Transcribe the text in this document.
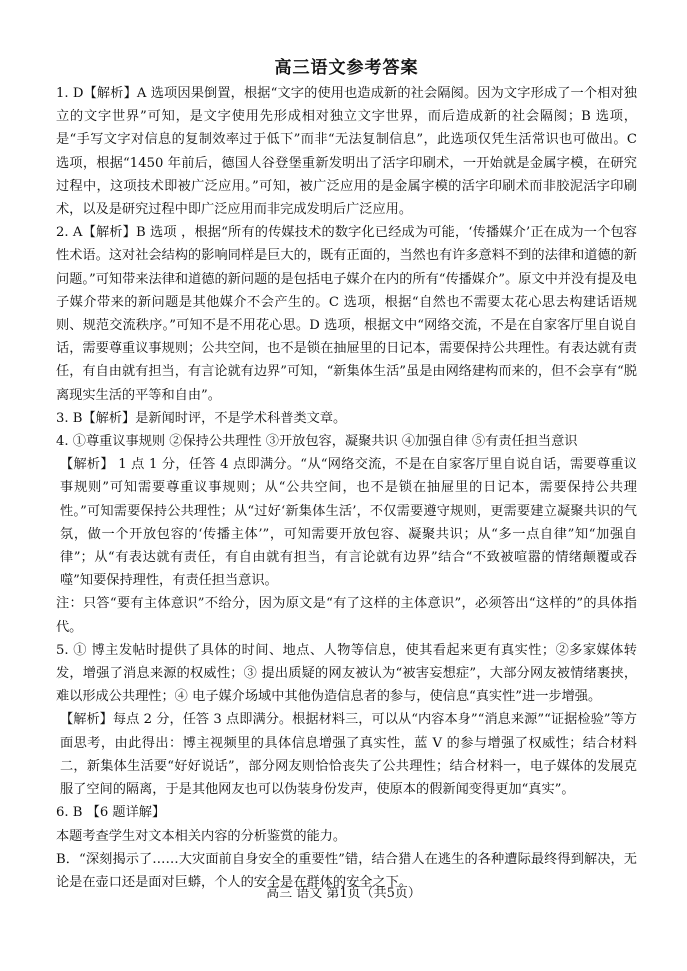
高三语文参考答案

1. D【解析】A 选项因果倒置，根据“文字的使用也造成新的社会隔阂。因为文字形成了一个相对独立的文字世界”可知，是文字使用先形成相对独立文字世界，而后造成新的社会隔阂；B 选项，是“手写文字对信息的复制效率过于低下”而非“无法复制信息”，此选项仅凭生活常识也可做出。C 选项，根据“1450 年前后，德国人谷登堡重新发明出了活字印刷术，一开始就是金属字模，在研究过程中，这项技术即被广泛应用。”可知，被广泛应用的是金属字模的活字印刷术而非胶泥活字印刷术，以及是研究过程中即广泛应用而非完成发明后广泛应用。

2. A【解析】B 选项 ，根据“所有的传媒技术的数字化已经成为可能，‘传播媒介’正在成为一个包容性术语。这对社会结构的影响同样是巨大的，既有正面的，当然也有许多意料不到的法律和道德的新问题。”可知带来法律和道德的新问题的是包括电子媒介在内的所有“传播媒介”。原文中并没有提及电子媒介带来的新问题是其他媒介不会产生的。C 选项，根据“自然也不需要太花心思去构建话语规则、规范交流秩序。”可知不是不用花心思。D 选项，根据文中“网络交流，不是在自家客厅里自说自话，需要尊重议事规则；公共空间，也不是锁在抽屉里的日记本，需要保持公共理性。有表达就有责任，有自由就有担当，有言论就有边界”可知，“新集体生活”虽是由网络建构而来的，但不会享有“脱离现实生活的平等和自由”。

3. B【解析】是新闻时评，不是学术科普类文章。

4. ①尊重议事规则 ②保持公共理性 ③开放包容，凝聚共识 ④加强自律 ⑤有责任担当意识

【解析】 1 点 1 分，任答 4 点即满分。“从“网络交流，不是在自家客厅里自说自话，需要尊重议事规则”可知需要尊重议事规则；从“公共空间，也不是锁在抽屉里的日记本，需要保持公共理性。”可知需要保持公共理性；从“过好‘新集体生活’，不仅需要遵守规则，更需要建立凝聚共识的气氛，做一个开放包容的‘传播主体’”，可知需要开放包容、凝聚共识；从“多一点自律”知“加强自律”；从“有表达就有责任，有自由就有担当，有言论就有边界”结合“不致被喧嚣的情绪颠覆或吞噬”知要保持理性，有责任担当意识。

注：只答“要有主体意识”不给分，因为原文是“有了这样的主体意识”，必须答出“这样的”的具体指代。

5. ① 博主发帖时提供了具体的时间、地点、人物等信息，使其看起来更有真实性；②多家媒体转发，增强了消息来源的权威性；③ 提出质疑的网友被认为“被害妄想症”，大部分网友被情绪裹挟，难以形成公共理性；④ 电子媒介场域中其他伪造信息者的参与，使信息“真实性”进一步增强。

【解析】每点 2 分，任答 3 点即满分。根据材料三，可以从“内容本身”“消息来源”“证据检验”等方面思考，由此得出：博主视频里的具体信息增强了真实性，蓝 V 的参与增强了权威性；结合材料二，新集体生活要“好好说话”，部分网友则恰恰丧失了公共理性；结合材料一，电子媒体的发展克服了空间的隔离，于是其他网友也可以伪装身份发声，使原本的假新闻变得更加“真实”。

6. B 【6 题详解】

本题考查学生对文本相关内容的分析鉴赏的能力。

B．“深刻揭示了……大灾面前自身安全的重要性”错，结合猎人在逃生的各种遭际最终得到解决，无论是在壶口还是面对巨蟒，个人的安全是在群体的安全之下。

高三 语文 第1页（共5页）
